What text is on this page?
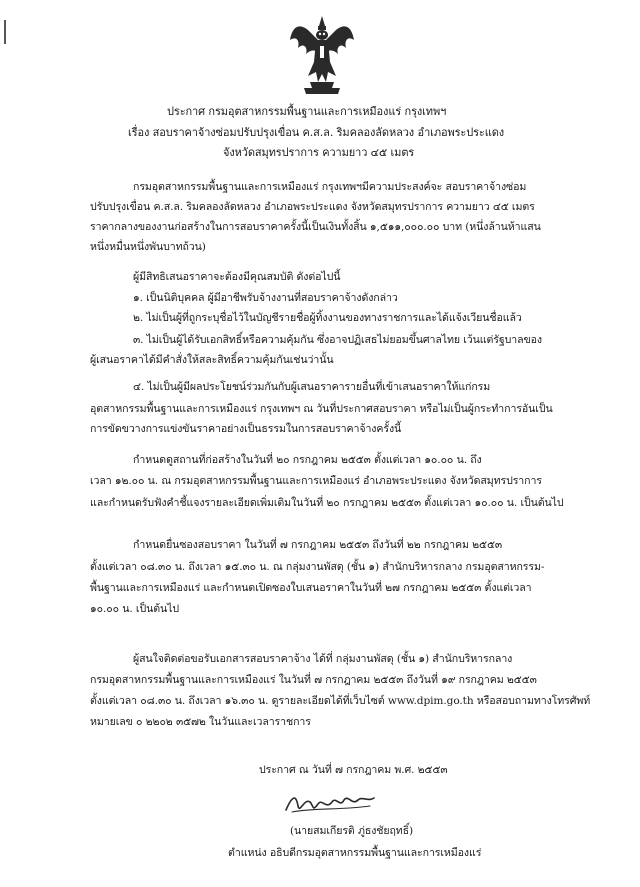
ประกาศ กรมอุตสาหกรรมพื้นฐานและการเหมืองแร่ กรุงเทพฯ
เรื่อง สอบราคาจ้างซ่อมปรับปรุงเขื่อน ค.ส.ล. ริมคลองลัดหลวง อำเภอพระประแดง
จังหวัดสมุทรปราการ ความยาว ๔๕ เมตร
กรมอุตสาหกรรมพื้นฐานและการเหมืองแร่ กรุงเทพฯมีความประสงค์จะ สอบราคาจ้างซ่อม
ปรับปรุงเขื่อน ค.ส.ล. ริมคลองลัดหลวง อำเภอพระประแดง จังหวัดสมุทรปราการ ความยาว ๔๕ เมตร
ราคากลางของงานก่อสร้างในการสอบราคาครั้งนี้เป็นเงินทั้งสิ้น ๑,๕๑๑,๐๐๐.๐๐ บาท (หนึ่งล้านห้าแสน
หนึ่งหมื่นหนึ่งพันบาทถ้วน)
ผู้มีสิทธิเสนอราคาจะต้องมีคุณสมบัติ ดังต่อไปนี้
๑. เป็นนิติบุคคล ผู้มีอาชีพรับจ้างงานที่สอบราคาจ้างดังกล่าว
๒. ไม่เป็นผู้ที่ถูกระบุชื่อไว้ในบัญชีรายชื่อผู้ทิ้งงานของทางราชการและได้แจ้งเวียนชื่อแล้ว
๓. ไม่เป็นผู้ได้รับเอกสิทธิ์หรือความคุ้มกัน ซึ่งอาจปฏิเสธไม่ยอมขึ้นศาลไทย เว้นแต่รัฐบาลของ
ผู้เสนอราคาได้มีคำสั่งให้สละสิทธิ์ความคุ้มกันเช่นว่านั้น
๔. ไม่เป็นผู้มีผลประโยชน์ร่วมกันกับผู้เสนอราคารายอื่นที่เข้าเสนอราคาให้แก่กรม
อุตสาหกรรมพื้นฐานและการเหมืองแร่ กรุงเทพฯ ณ วันที่ประกาศสอบราคา หรือไม่เป็นผู้กระทำการอันเป็น
การขัดขวางการแข่งขันราคาอย่างเป็นธรรมในการสอบราคาจ้างครั้งนี้
กำหนดดูสถานที่ก่อสร้างในวันที่ ๒๐ กรกฎาคม ๒๕๕๓ ตั้งแต่เวลา ๑๐.๐๐ น. ถึง
เวลา ๑๒.๐๐ น. ณ กรมอุตสาหกรรมพื้นฐานและการเหมืองแร่ อำเภอพระประแดง จังหวัดสมุทรปราการ
และกำหนดรับฟังคำชี้แจงรายละเอียดเพิ่มเติมในวันที่ ๒๐ กรกฎาคม ๒๕๕๓ ตั้งแต่เวลา ๑๐.๐๐ น. เป็นต้นไป
กำหนดยื่นซองสอบราคา ในวันที่ ๗ กรกฎาคม ๒๕๕๓ ถึงวันที่ ๒๒ กรกฎาคม ๒๕๕๓
ตั้งแต่เวลา ๐๘.๓๐ น. ถึงเวลา ๑๕.๓๐ น. ณ กลุ่มงานพัสดุ (ชั้น ๑) สำนักบริหารกลาง กรมอุตสาหกรรม-
พื้นฐานและการเหมืองแร่ และกำหนดเปิดซองใบเสนอราคาในวันที่ ๒๗ กรกฎาคม ๒๕๕๓ ตั้งแต่เวลา
๑๐.๐๐ น. เป็นต้นไป
ผู้สนใจติดต่อขอรับเอกสารสอบราคาจ้าง ได้ที่ กลุ่มงานพัสดุ (ชั้น ๑) สำนักบริหารกลาง
กรมอุตสาหกรรมพื้นฐานและการเหมืองแร่ ในวันที่ ๗ กรกฎาคม ๒๕๕๓ ถึงวันที่ ๑๙ กรกฎาคม ๒๕๕๓
ตั้งแต่เวลา ๐๘.๓๐ น. ถึงเวลา ๑๖.๓๐ น. ดูรายละเอียดได้ที่เว็บไซต์ www.dpim.go.th หรือสอบถามทางโทรศัพท์
หมายเลข ๐ ๒๒๐๒ ๓๕๗๒ ในวันและเวลาราชการ
ประกาศ ณ วันที่ ๗ กรกฎาคม พ.ศ. ๒๕๕๓
(นายสมเกียรติ ภู่ธงชัยฤทธิ์)
ตำแหน่ง อธิบดีกรมอุตสาหกรรมพื้นฐานและการเหมืองแร่
